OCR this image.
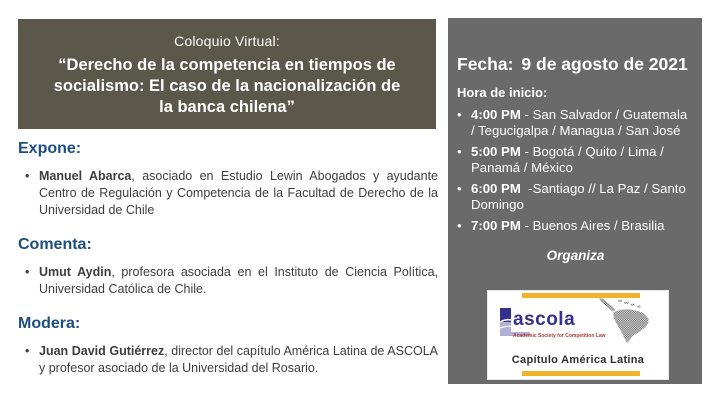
Coloquio Virtual:
“Derecho de la competencia en tiempos de socialismo: El caso de la nacionalización de la banca chilena”
Expone:
• Manuel Abarca, asociado en Estudio Lewin Abogados y ayudante Centro de Regulación y Competencia de la Facultad de Derecho de la Universidad de Chile

Comenta:
• Umut Aydin, profesora asociada en el Instituto de Ciencia Política, Universidad Católica de Chile.

Modera:
• Juan David Gutiérrez, director del capítulo América Latina de ASCOLA y profesor asociado de la Universidad del Rosario.

Fecha: 9 de agosto de 2021
Hora de inicio:
• 4:00 PM - San Salvador / Guatemala / Tegucigalpa / Managua / San José

• 5:00 PM - Bogotá / Quito / Lima / Panamá / México

• 6:00 PM  -Santiago // La Paz / Santo Domingo

• 7:00 PM - Buenos Aires / Brasilia

Organiza
ascola
Academic Society for Competition Law
Capítulo América Latina
